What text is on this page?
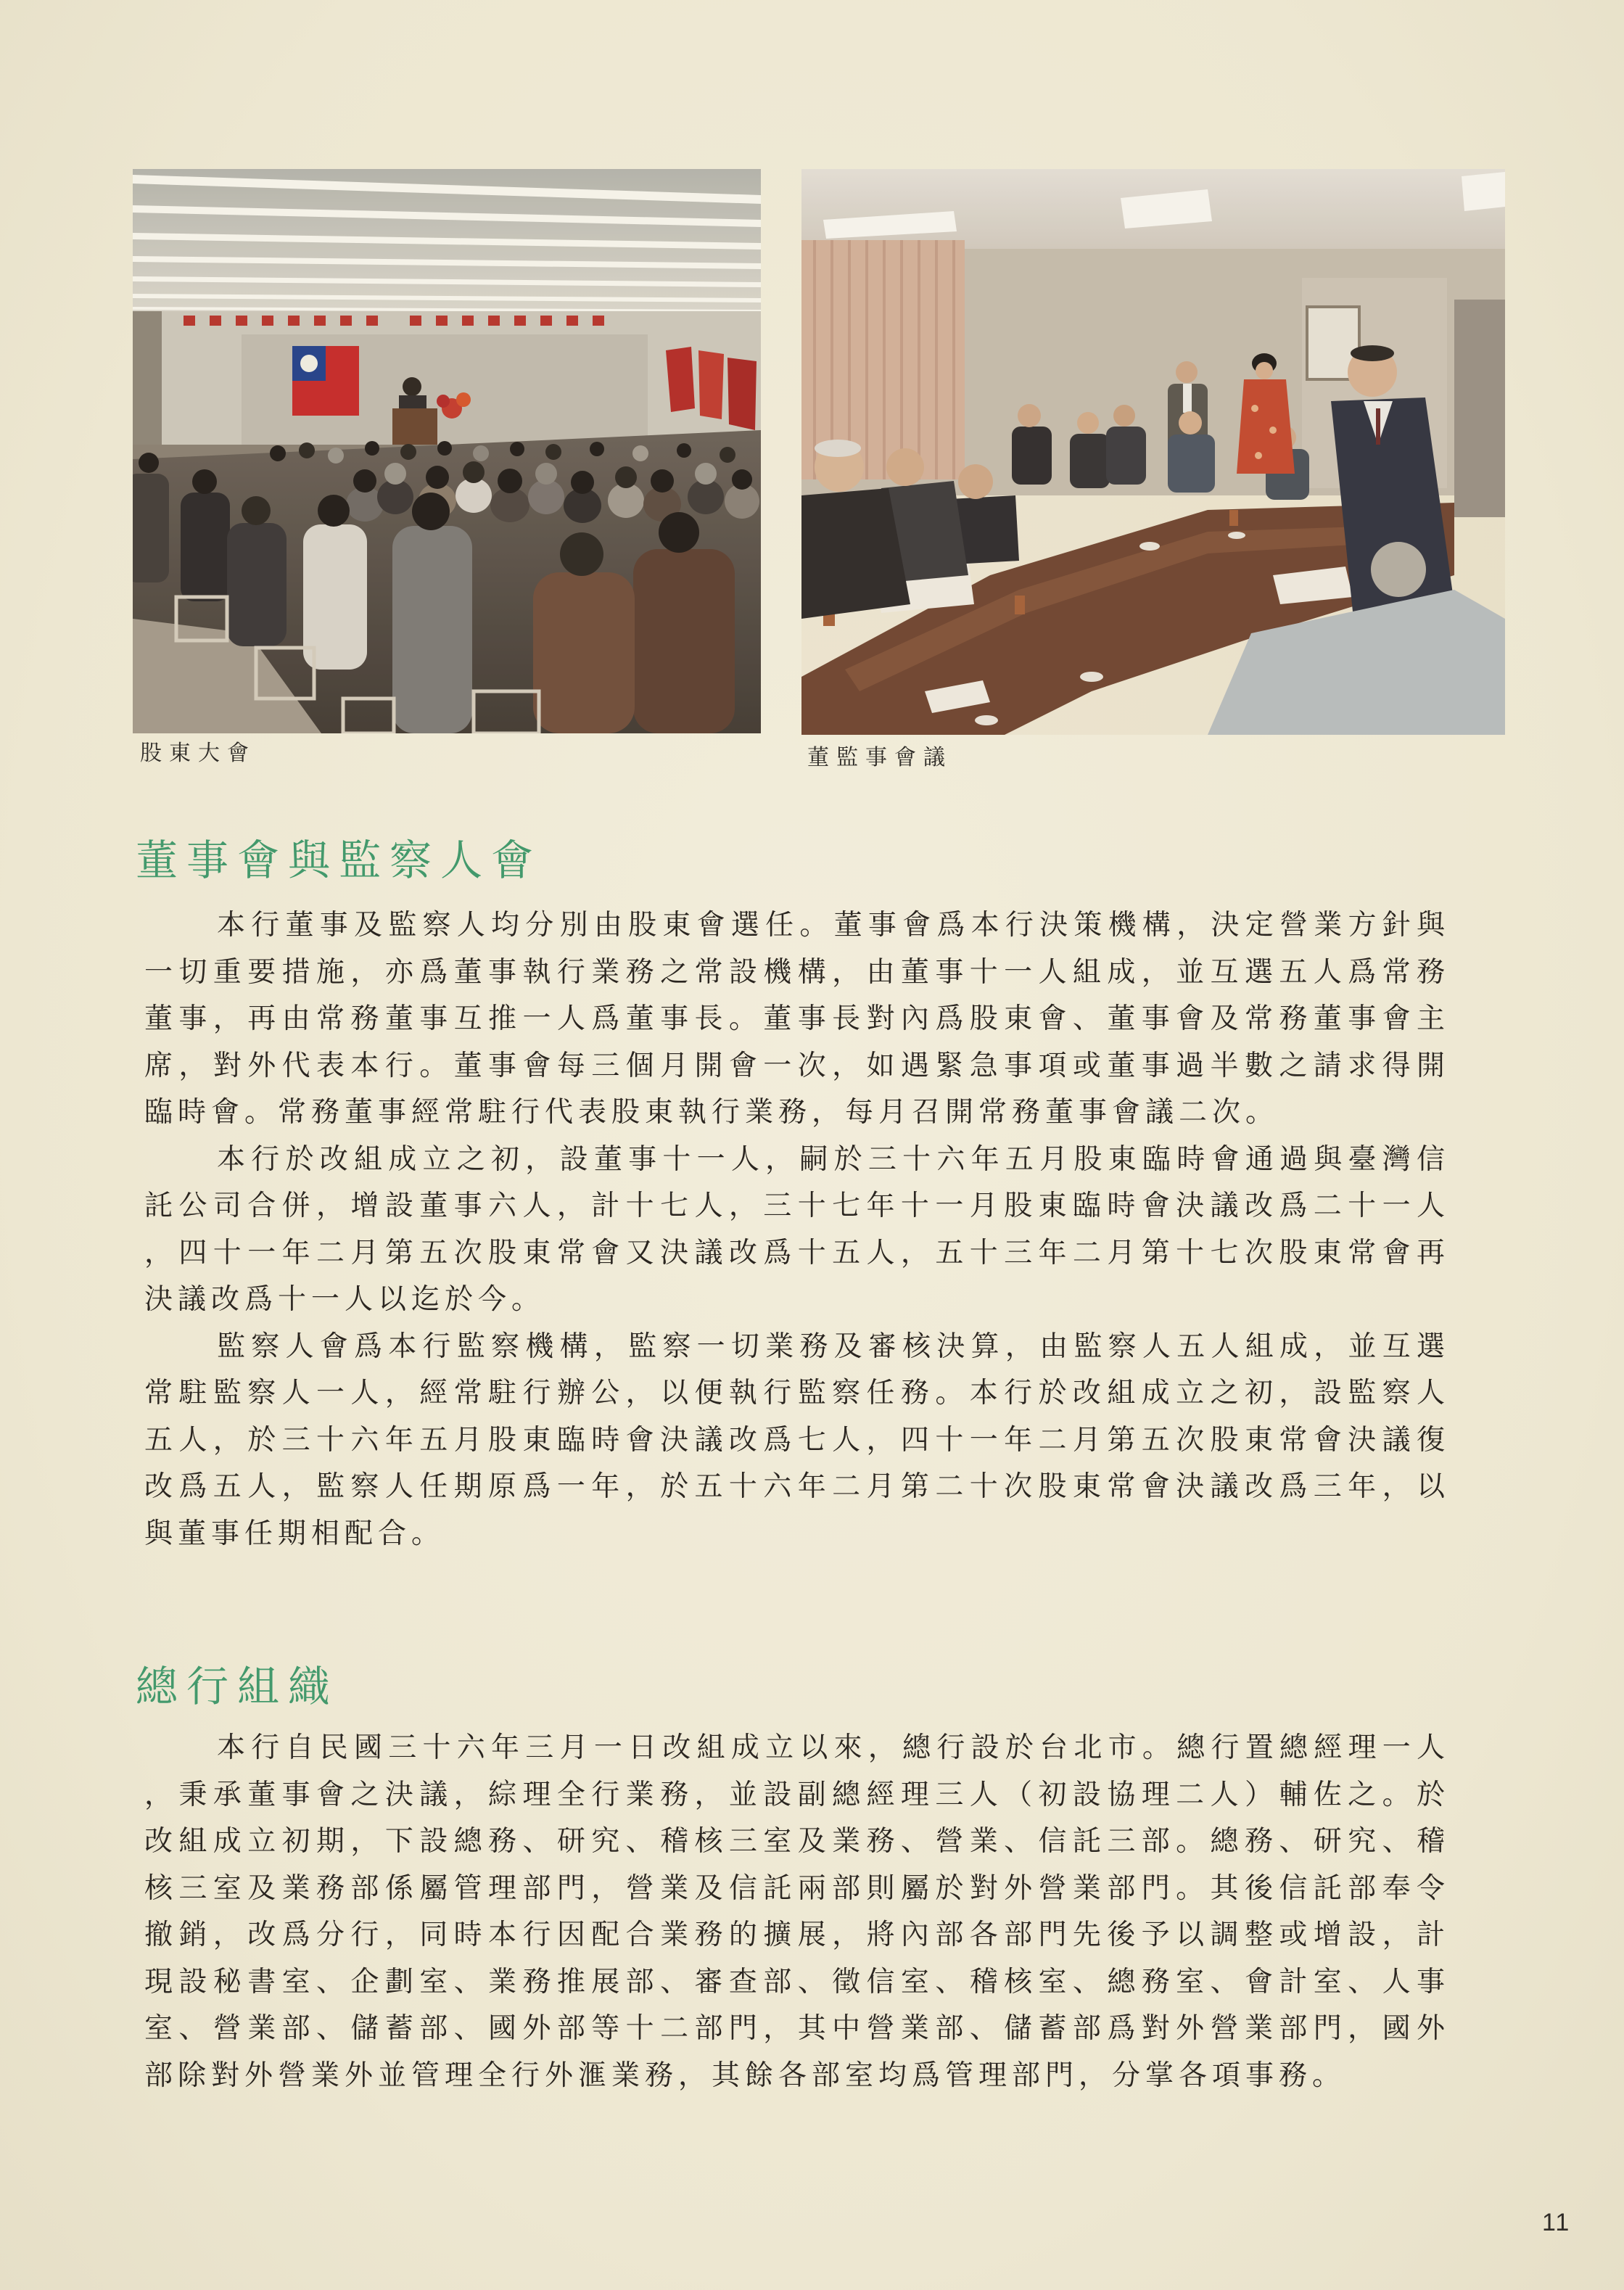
股東大會	董監事會議
董事會與監察人會
本行董事及監察人均分別由股東會選任。董事會爲本行決策機構，決定營業方針與
一切重要措施，亦爲董事執行業務之常設機構，由董事十一人組成，並互選五人爲常務
董事，再由常務董事互推一人爲董事長。董事長對內爲股東會、董事會及常務董事會主
席，對外代表本行。董事會每三個月開會一次，如遇緊急事項或董事過半數之請求得開
臨時會。常務董事經常駐行代表股東執行業務，每月召開常務董事會議二次。
本行於改組成立之初，設董事十一人，嗣於三十六年五月股東臨時會通過與臺灣信
託公司合併，增設董事六人，計十七人，三十七年十一月股東臨時會決議改爲二十一人
，四十一年二月第五次股東常會又決議改爲十五人，五十三年二月第十七次股東常會再
決議改爲十一人以迄於今。
監察人會爲本行監察機構，監察一切業務及審核決算，由監察人五人組成，並互選
常駐監察人一人，經常駐行辦公，以便執行監察任務。本行於改組成立之初，設監察人
五人，於三十六年五月股東臨時會決議改爲七人，四十一年二月第五次股東常會決議復
改爲五人，監察人任期原爲一年，於五十六年二月第二十次股東常會決議改爲三年，以
與董事任期相配合。
總行組織
本行自民國三十六年三月一日改組成立以來，總行設於台北市。總行置總經理一人
，秉承董事會之決議，綜理全行業務，並設副總經理三人（初設協理二人）輔佐之。於
改組成立初期，下設總務、研究、稽核三室及業務、營業、信託三部。總務、研究、稽
核三室及業務部係屬管理部門，營業及信託兩部則屬於對外營業部門。其後信託部奉令
撤銷，改爲分行，同時本行因配合業務的擴展，將內部各部門先後予以調整或增設，計
現設秘書室、企劃室、業務推展部、審查部、徵信室、稽核室、總務室、會計室、人事
室、營業部、儲蓄部、國外部等十二部門，其中營業部、儲蓄部爲對外營業部門，國外
部除對外營業外並管理全行外滙業務，其餘各部室均爲管理部門，分掌各項事務。
11
